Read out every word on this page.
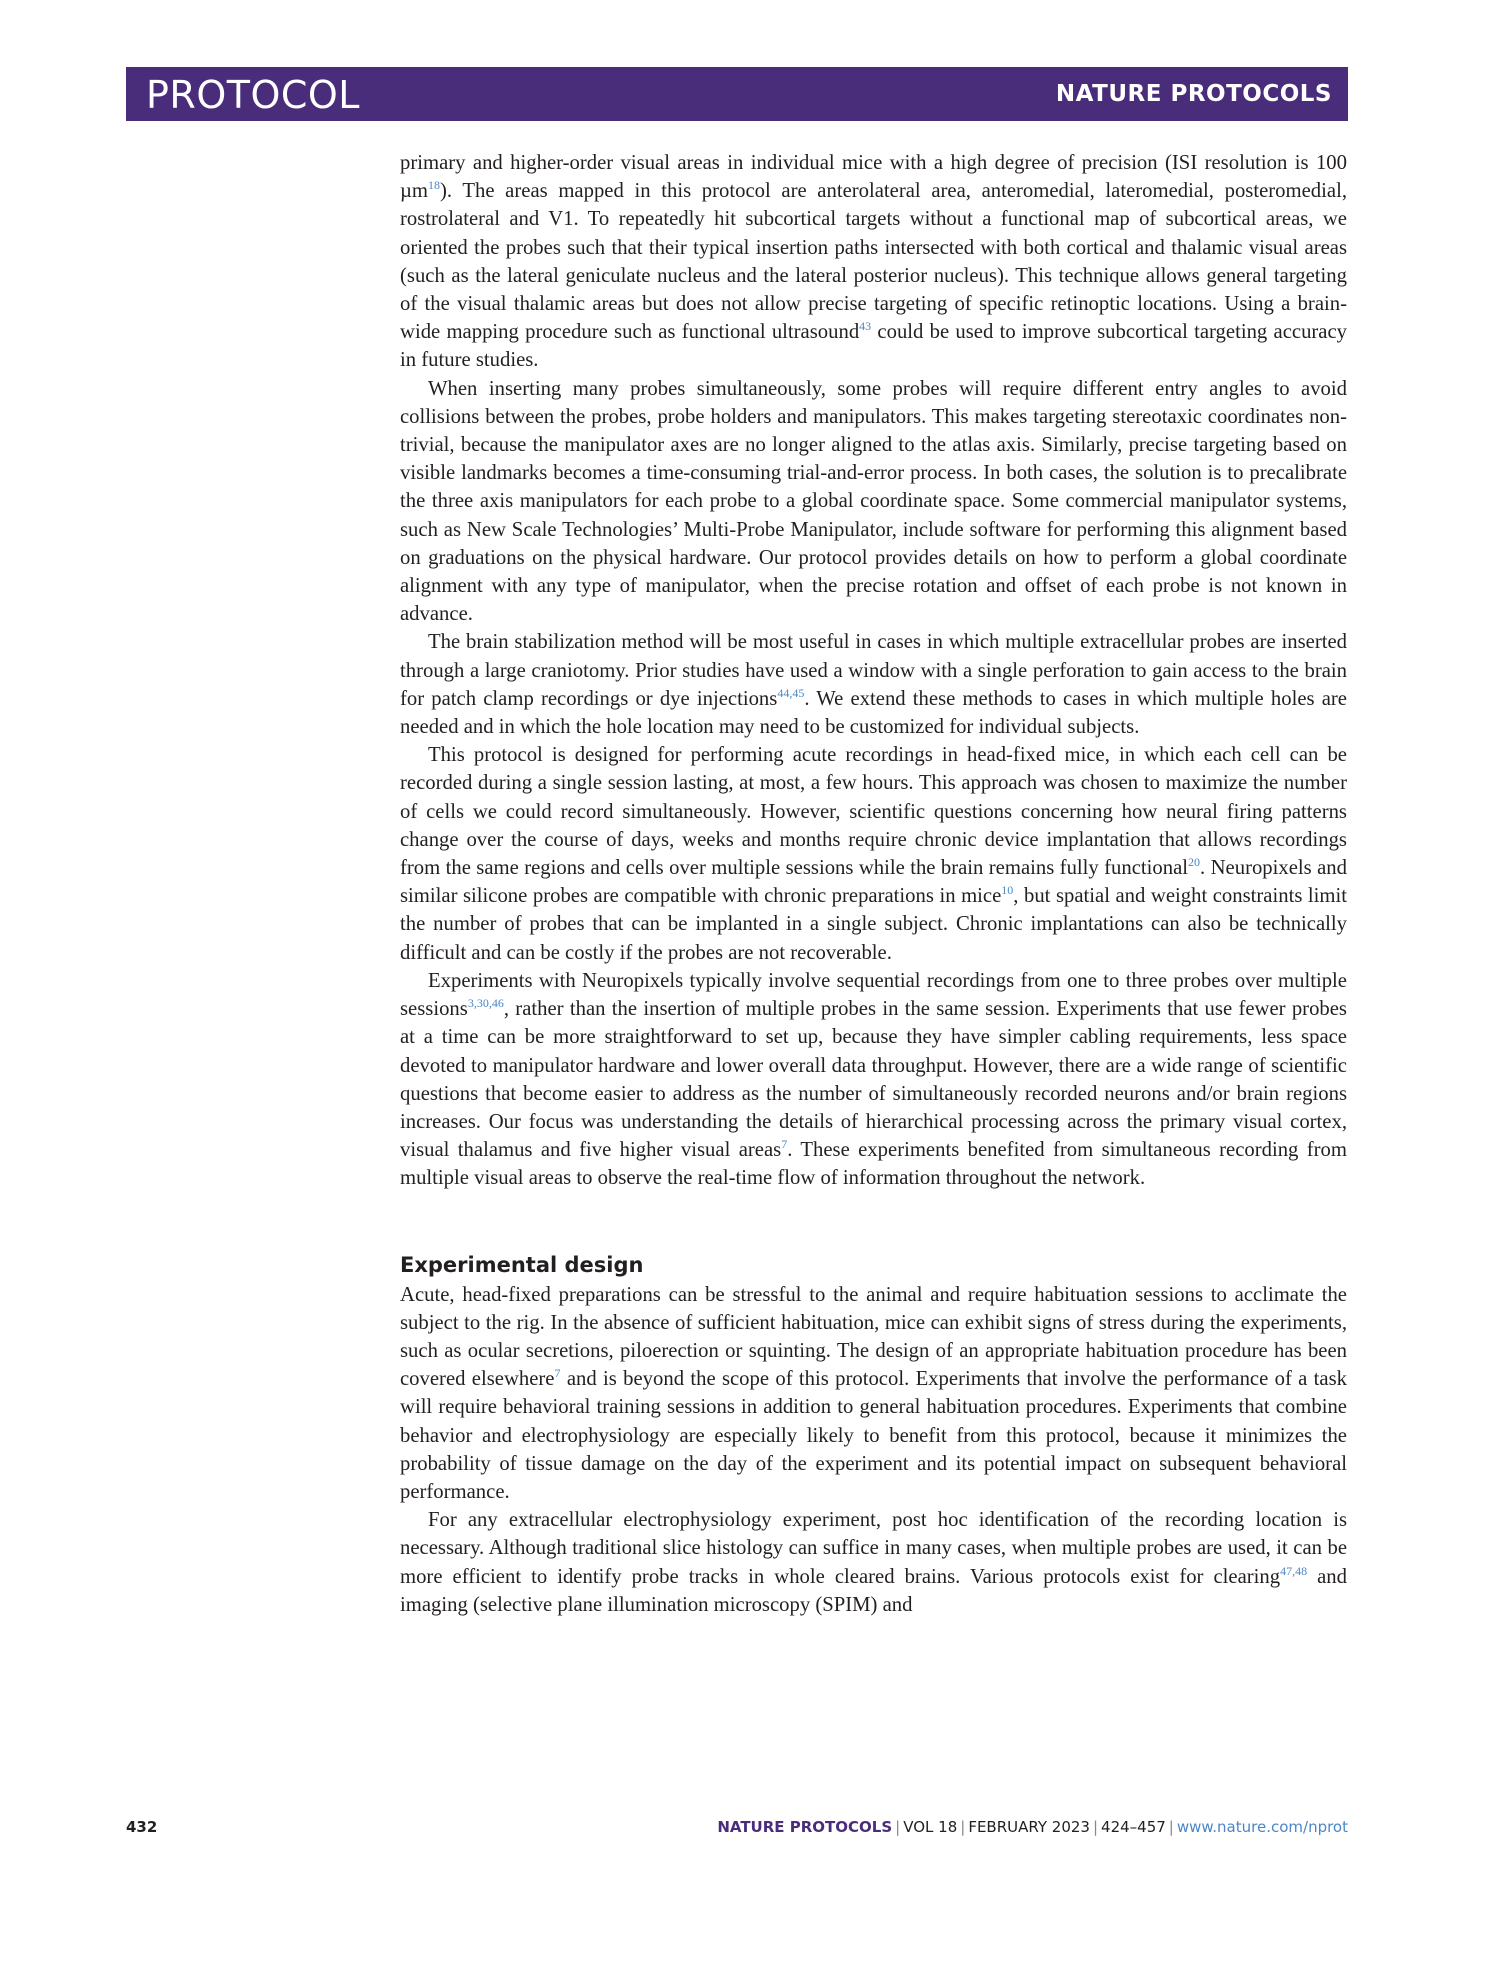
PROTOCOL	NATURE PROTOCOLS

primary and higher-order visual areas in individual mice with a high degree of precision (ISI resolution is 100 µm$^{18}$). The areas mapped in this protocol are anterolateral area, anteromedial, lateromedial, posteromedial, rostrolateral and V1. To repeatedly hit subcortical targets without a functional map of subcortical areas, we oriented the probes such that their typical insertion paths intersected with both cortical and thalamic visual areas (such as the lateral geniculate nucleus and the lateral posterior nucleus). This technique allows general targeting of the visual thalamic areas but does not allow precise targeting of specific retinoptic locations. Using a brain-wide mapping procedure such as functional ultrasound$^{43}$ could be used to improve subcortical targeting accuracy in future studies.

When inserting many probes simultaneously, some probes will require different entry angles to avoid collisions between the probes, probe holders and manipulators. This makes targeting stereotaxic coordinates non-trivial, because the manipulator axes are no longer aligned to the atlas axis. Similarly, precise targeting based on visible landmarks becomes a time-consuming trial-and-error process. In both cases, the solution is to precalibrate the three axis manipulators for each probe to a global coordinate space. Some commercial manipulator systems, such as New Scale Technologies’ Multi-Probe Manipulator, include software for performing this alignment based on graduations on the physical hardware. Our protocol provides details on how to perform a global coordinate alignment with any type of manipulator, when the precise rotation and offset of each probe is not known in advance.

The brain stabilization method will be most useful in cases in which multiple extracellular probes are inserted through a large craniotomy. Prior studies have used a window with a single perforation to gain access to the brain for patch clamp recordings or dye injections$^{44,45}$. We extend these methods to cases in which multiple holes are needed and in which the hole location may need to be customized for individual subjects.

This protocol is designed for performing acute recordings in head-fixed mice, in which each cell can be recorded during a single session lasting, at most, a few hours. This approach was chosen to maximize the number of cells we could record simultaneously. However, scientific questions concerning how neural firing patterns change over the course of days, weeks and months require chronic device implantation that allows recordings from the same regions and cells over multiple sessions while the brain remains fully functional$^{20}$. Neuropixels and similar silicone probes are compatible with chronic preparations in mice$^{10}$, but spatial and weight constraints limit the number of probes that can be implanted in a single subject. Chronic implantations can also be technically difficult and can be costly if the probes are not recoverable.

Experiments with Neuropixels typically involve sequential recordings from one to three probes over multiple sessions$^{3,30,46}$, rather than the insertion of multiple probes in the same session. Experiments that use fewer probes at a time can be more straightforward to set up, because they have simpler cabling requirements, less space devoted to manipulator hardware and lower overall data throughput. However, there are a wide range of scientific questions that become easier to address as the number of simultaneously recorded neurons and/or brain regions increases. Our focus was understanding the details of hierarchical processing across the primary visual cortex, visual thalamus and five higher visual areas$^7$. These experiments benefited from simultaneous recording from multiple visual areas to observe the real-time flow of information throughout the network.

Experimental design

Acute, head-fixed preparations can be stressful to the animal and require habituation sessions to acclimate the subject to the rig. In the absence of sufficient habituation, mice can exhibit signs of stress during the experiments, such as ocular secretions, piloerection or squinting. The design of an appropriate habituation procedure has been covered elsewhere$^7$ and is beyond the scope of this protocol. Experiments that involve the performance of a task will require behavioral training sessions in addition to general habituation procedures. Experiments that combine behavior and electrophysiology are especially likely to benefit from this protocol, because it minimizes the probability of tissue damage on the day of the experiment and its potential impact on subsequent behavioral performance.

For any extracellular electrophysiology experiment, post hoc identification of the recording location is necessary. Although traditional slice histology can suffice in many cases, when multiple probes are used, it can be more efficient to identify probe tracks in whole cleared brains. Various protocols exist for clearing$^{47,48}$ and imaging (selective plane illumination microscopy (SPIM) and

432	NATURE PROTOCOLS | VOL 18 | FEBRUARY 2023 | 424–457 | www.nature.com/nprot
